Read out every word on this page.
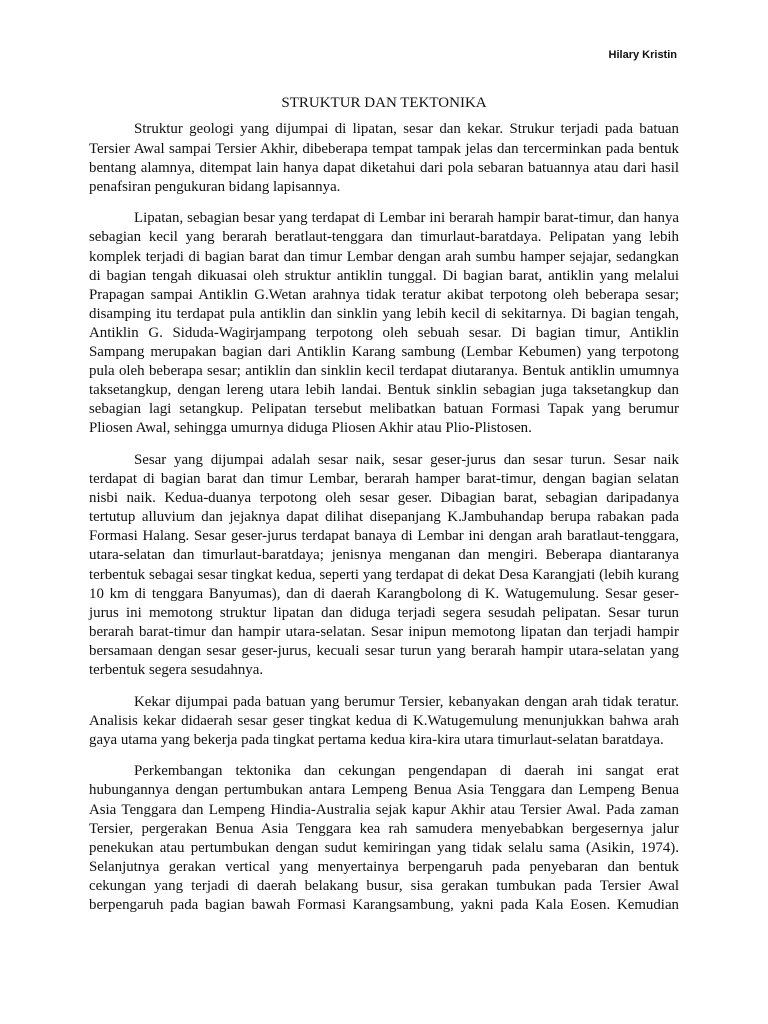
Hilary Kristin
STRUKTUR DAN TEKTONIKA
Struktur geologi yang dijumpai di lipatan, sesar dan kekar. Strukur terjadi pada batuan
Tersier Awal sampai Tersier Akhir, dibeberapa tempat tampak jelas dan tercerminkan pada bentuk
bentang alamnya, ditempat lain hanya dapat diketahui dari pola sebaran batuannya atau dari hasil
penafsiran pengukuran bidang lapisannya.
Lipatan, sebagian besar yang terdapat di Lembar ini berarah hampir barat-timur, dan hanya
sebagian kecil yang berarah beratlaut-tenggara dan timurlaut-baratdaya. Pelipatan yang lebih
komplek terjadi di bagian barat dan timur Lembar dengan arah sumbu hamper sejajar, sedangkan
di bagian tengah dikuasai oleh struktur antiklin tunggal. Di bagian barat, antiklin yang melalui
Prapagan sampai Antiklin G.Wetan arahnya tidak teratur akibat terpotong oleh beberapa sesar;
disamping itu terdapat pula antiklin dan sinklin yang lebih kecil di sekitarnya. Di bagian tengah,
Antiklin G. Siduda-Wagirjampang terpotong oleh sebuah sesar. Di bagian timur, Antiklin
Sampang merupakan bagian dari Antiklin Karang sambung (Lembar Kebumen) yang terpotong
pula oleh beberapa sesar; antiklin dan sinklin kecil terdapat diutaranya. Bentuk antiklin umumnya
taksetangkup, dengan lereng utara lebih landai. Bentuk sinklin sebagian juga taksetangkup dan
sebagian lagi setangkup. Pelipatan tersebut melibatkan batuan Formasi Tapak yang berumur
Pliosen Awal, sehingga umurnya diduga Pliosen Akhir atau Plio-Plistosen.
Sesar yang dijumpai adalah sesar naik, sesar geser-jurus dan sesar turun. Sesar naik
terdapat di bagian barat dan timur Lembar, berarah hamper barat-timur, dengan bagian selatan
nisbi naik. Kedua-duanya terpotong oleh sesar geser. Dibagian barat, sebagian daripadanya
tertutup alluvium dan jejaknya dapat dilihat disepanjang K.Jambuhandap berupa rabakan pada
Formasi Halang. Sesar geser-jurus terdapat banaya di Lembar ini dengan arah baratlaut-tenggara,
utara-selatan dan timurlaut-baratdaya; jenisnya menganan dan mengiri. Beberapa diantaranya
terbentuk sebagai sesar tingkat kedua, seperti yang terdapat di dekat Desa Karangjati (lebih kurang
10 km di tenggara Banyumas), dan di daerah Karangbolong di K. Watugemulung. Sesar geser-
jurus ini memotong struktur lipatan dan diduga terjadi segera sesudah pelipatan. Sesar turun
berarah barat-timur dan hampir utara-selatan. Sesar inipun memotong lipatan dan terjadi hampir
bersamaan dengan sesar geser-jurus, kecuali sesar turun yang berarah hampir utara-selatan yang
terbentuk segera sesudahnya.
Kekar dijumpai pada batuan yang berumur Tersier, kebanyakan dengan arah tidak teratur.
Analisis kekar didaerah sesar geser tingkat kedua di K.Watugemulung menunjukkan bahwa arah
gaya utama yang bekerja pada tingkat pertama kedua kira-kira utara timurlaut-selatan baratdaya.
Perkembangan tektonika dan cekungan pengendapan di daerah ini sangat erat
hubungannya dengan pertumbukan antara Lempeng Benua Asia Tenggara dan Lempeng Benua
Asia Tenggara dan Lempeng Hindia-Australia sejak kapur Akhir atau Tersier Awal. Pada zaman
Tersier, pergerakan Benua Asia Tenggara kea rah samudera menyebabkan bergesernya jalur
penekukan atau pertumbukan dengan sudut kemiringan yang tidak selalu sama (Asikin, 1974).
Selanjutnya gerakan vertical yang menyertainya berpengaruh pada penyebaran dan bentuk
cekungan yang terjadi di daerah belakang busur, sisa gerakan tumbukan pada Tersier Awal
berpengaruh pada bagian bawah Formasi Karangsambung, yakni pada Kala Eosen. Kemudian
